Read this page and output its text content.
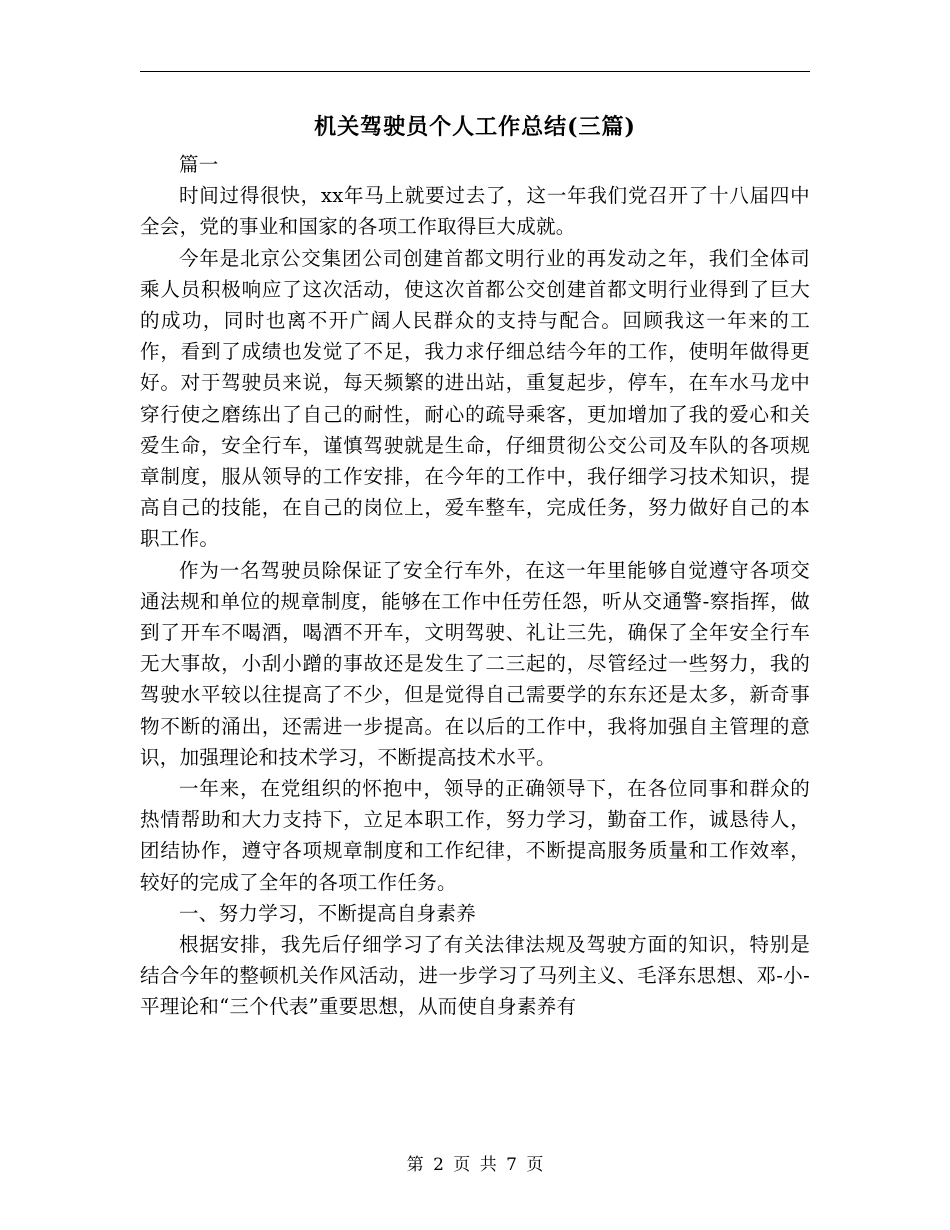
机关驾驶员个人工作总结(三篇)

篇一

时间过得很快，xx年马上就要过去了，这一年我们党召开了十八届四中全会，党的事业和国家的各项工作取得巨大成就。

今年是北京公交集团公司创建首都文明行业的再发动之年，我们全体司乘人员积极响应了这次活动，使这次首都公交创建首都文明行业得到了巨大的成功，同时也离不开广阔人民群众的支持与配合。回顾我这一年来的工作，看到了成绩也发觉了不足，我力求仔细总结今年的工作，使明年做得更好。对于驾驶员来说，每天频繁的进出站，重复起步，停车，在车水马龙中穿行使之磨练出了自己的耐性，耐心的疏导乘客，更加增加了我的爱心和关爱生命，安全行车，谨慎驾驶就是生命，仔细贯彻公交公司及车队的各项规章制度，服从领导的工作安排，在今年的工作中，我仔细学习技术知识，提高自己的技能，在自己的岗位上，爱车整车，完成任务，努力做好自己的本职工作。

作为一名驾驶员除保证了安全行车外，在这一年里能够自觉遵守各项交通法规和单位的规章制度，能够在工作中任劳任怨，听从交通警-察指挥，做到了开车不喝酒，喝酒不开车，文明驾驶、礼让三先，确保了全年安全行车无大事故，小刮小蹭的事故还是发生了二三起的，尽管经过一些努力，我的驾驶水平较以往提高了不少，但是觉得自己需要学的东东还是太多，新奇事物不断的涌出，还需进一步提高。在以后的工作中，我将加强自主管理的意识，加强理论和技术学习，不断提高技术水平。

一年来，在党组织的怀抱中，领导的正确领导下，在各位同事和群众的热情帮助和大力支持下，立足本职工作，努力学习，勤奋工作，诚恳待人，团结协作，遵守各项规章制度和工作纪律，不断提高服务质量和工作效率，较好的完成了全年的各项工作任务。

一、努力学习，不断提高自身素养

根据安排，我先后仔细学习了有关法律法规及驾驶方面的知识，特别是结合今年的整顿机关作风活动，进一步学习了马列主义、毛泽东思想、邓-小-平理论和“三个代表”重要思想，从而使自身素养有

第 2 页 共 7 页
